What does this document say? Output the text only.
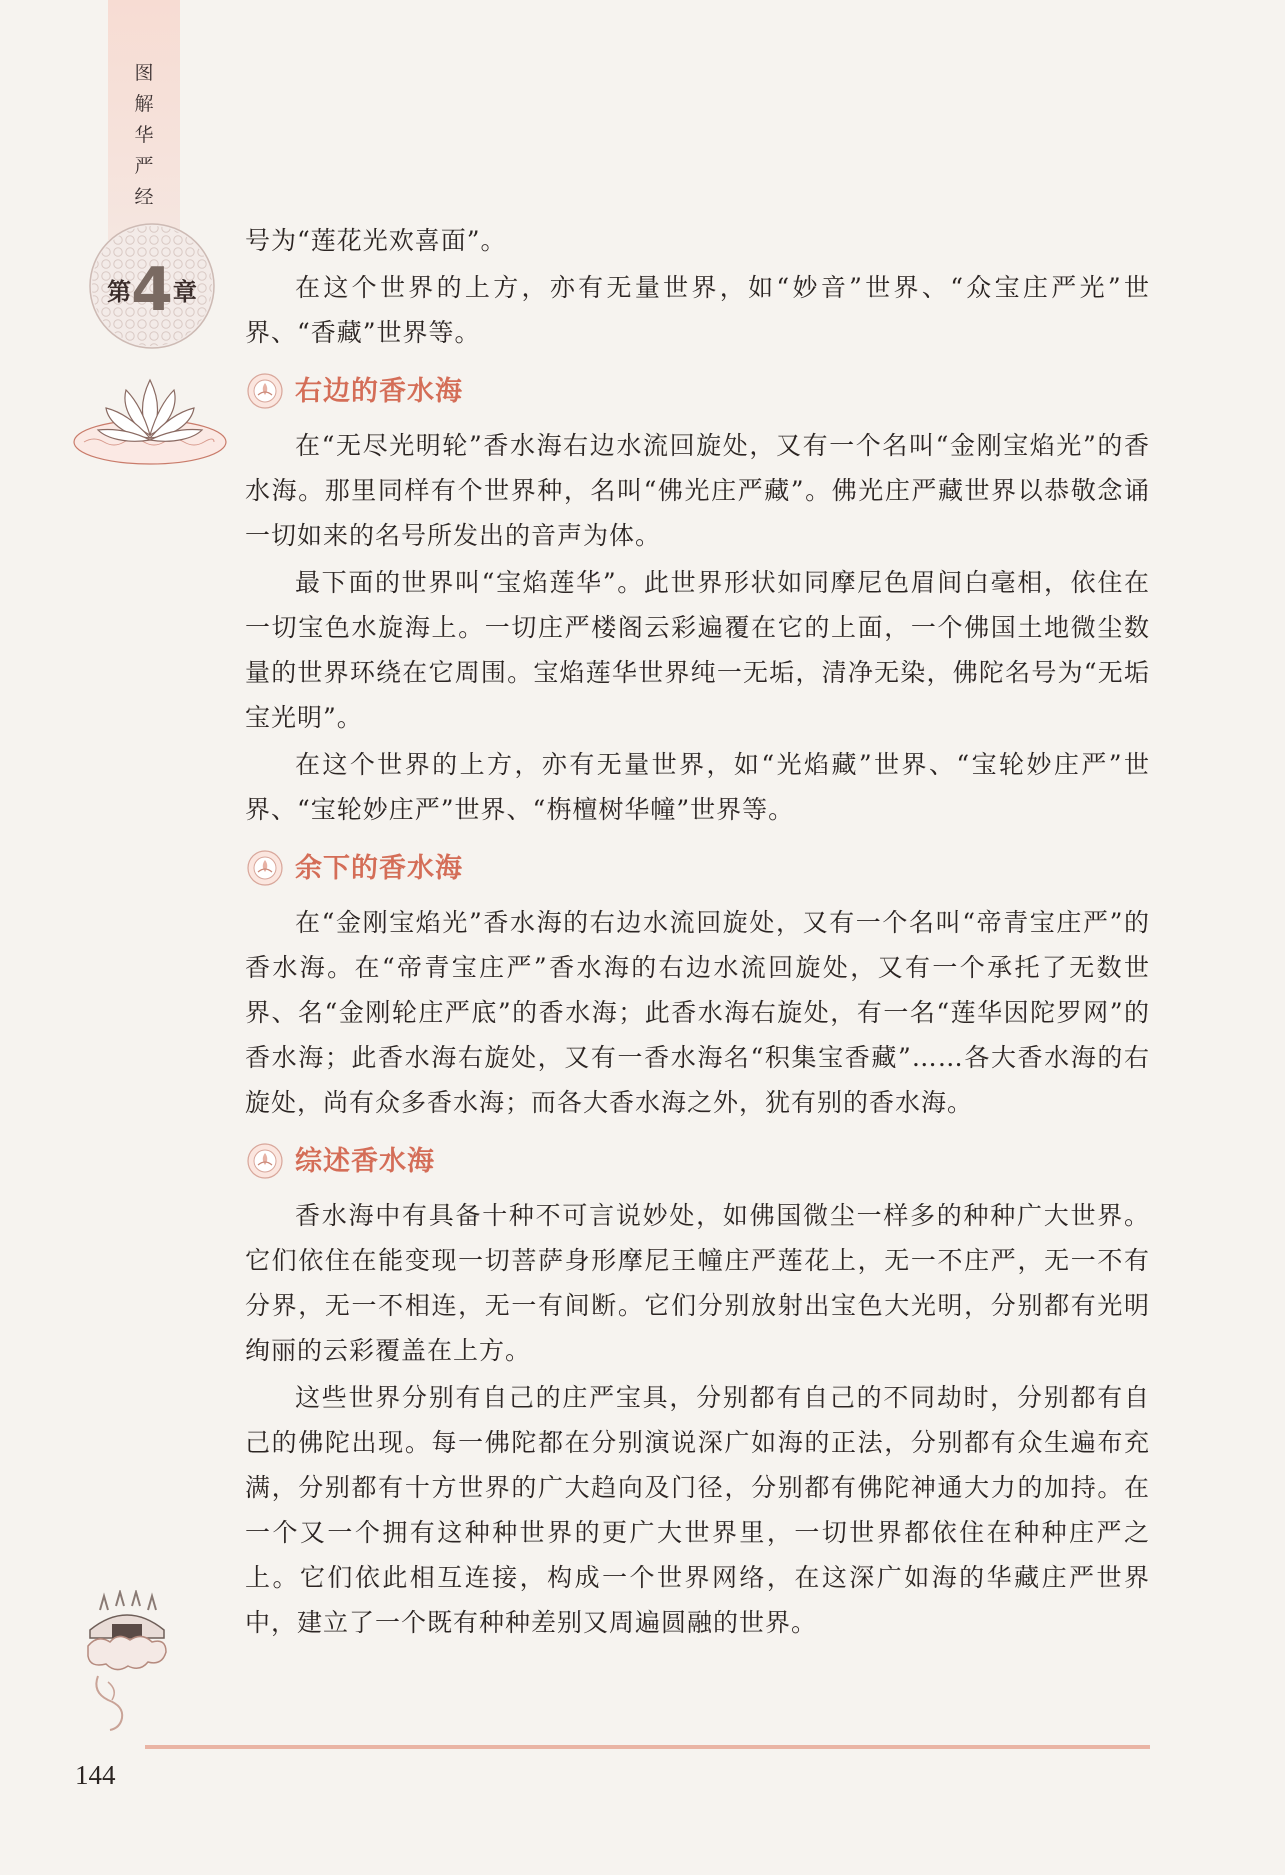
图
解
华
严
经
第4章

号为“莲花光欢喜面”。

在这个世界的上方，亦有无量世界，如“妙音”世界、“众宝庄严光”世界、“香藏”世界等。

右边的香水海

在“无尽光明轮”香水海右边水流回旋处，又有一个名叫“金刚宝焰光”的香水海。那里同样有个世界种，名叫“佛光庄严藏”。佛光庄严藏世界以恭敬念诵一切如来的名号所发出的音声为体。

最下面的世界叫“宝焰莲华”。此世界形状如同摩尼色眉间白毫相，依住在一切宝色水旋海上。一切庄严楼阁云彩遍覆在它的上面，一个佛国土地微尘数量的世界环绕在它周围。宝焰莲华世界纯一无垢，清净无染，佛陀名号为“无垢宝光明”。

在这个世界的上方，亦有无量世界，如“光焰藏”世界、“宝轮妙庄严”世界、“宝轮妙庄严”世界、“栴檀树华幢”世界等。

余下的香水海

在“金刚宝焰光”香水海的右边水流回旋处，又有一个名叫“帝青宝庄严”的香水海。在“帝青宝庄严”香水海的右边水流回旋处，又有一个承托了无数世界、名“金刚轮庄严底”的香水海；此香水海右旋处，有一名“莲华因陀罗网”的香水海；此香水海右旋处，又有一香水海名“积集宝香藏”……各大香水海的右旋处，尚有众多香水海；而各大香水海之外，犹有别的香水海。

综述香水海

香水海中有具备十种不可言说妙处，如佛国微尘一样多的种种广大世界。它们依住在能变现一切菩萨身形摩尼王幢庄严莲花上，无一不庄严，无一不有分界，无一不相连，无一有间断。它们分别放射出宝色大光明，分别都有光明绚丽的云彩覆盖在上方。

这些世界分别有自己的庄严宝具，分别都有自己的不同劫时，分别都有自己的佛陀出现。每一佛陀都在分别演说深广如海的正法，分别都有众生遍布充满，分别都有十方世界的广大趋向及门径，分别都有佛陀神通大力的加持。在一个又一个拥有这种种世界的更广大世界里，一切世界都依住在种种庄严之上。它们依此相互连接，构成一个世界网络，在这深广如海的华藏庄严世界中，建立了一个既有种种差别又周遍圆融的世界。

144
